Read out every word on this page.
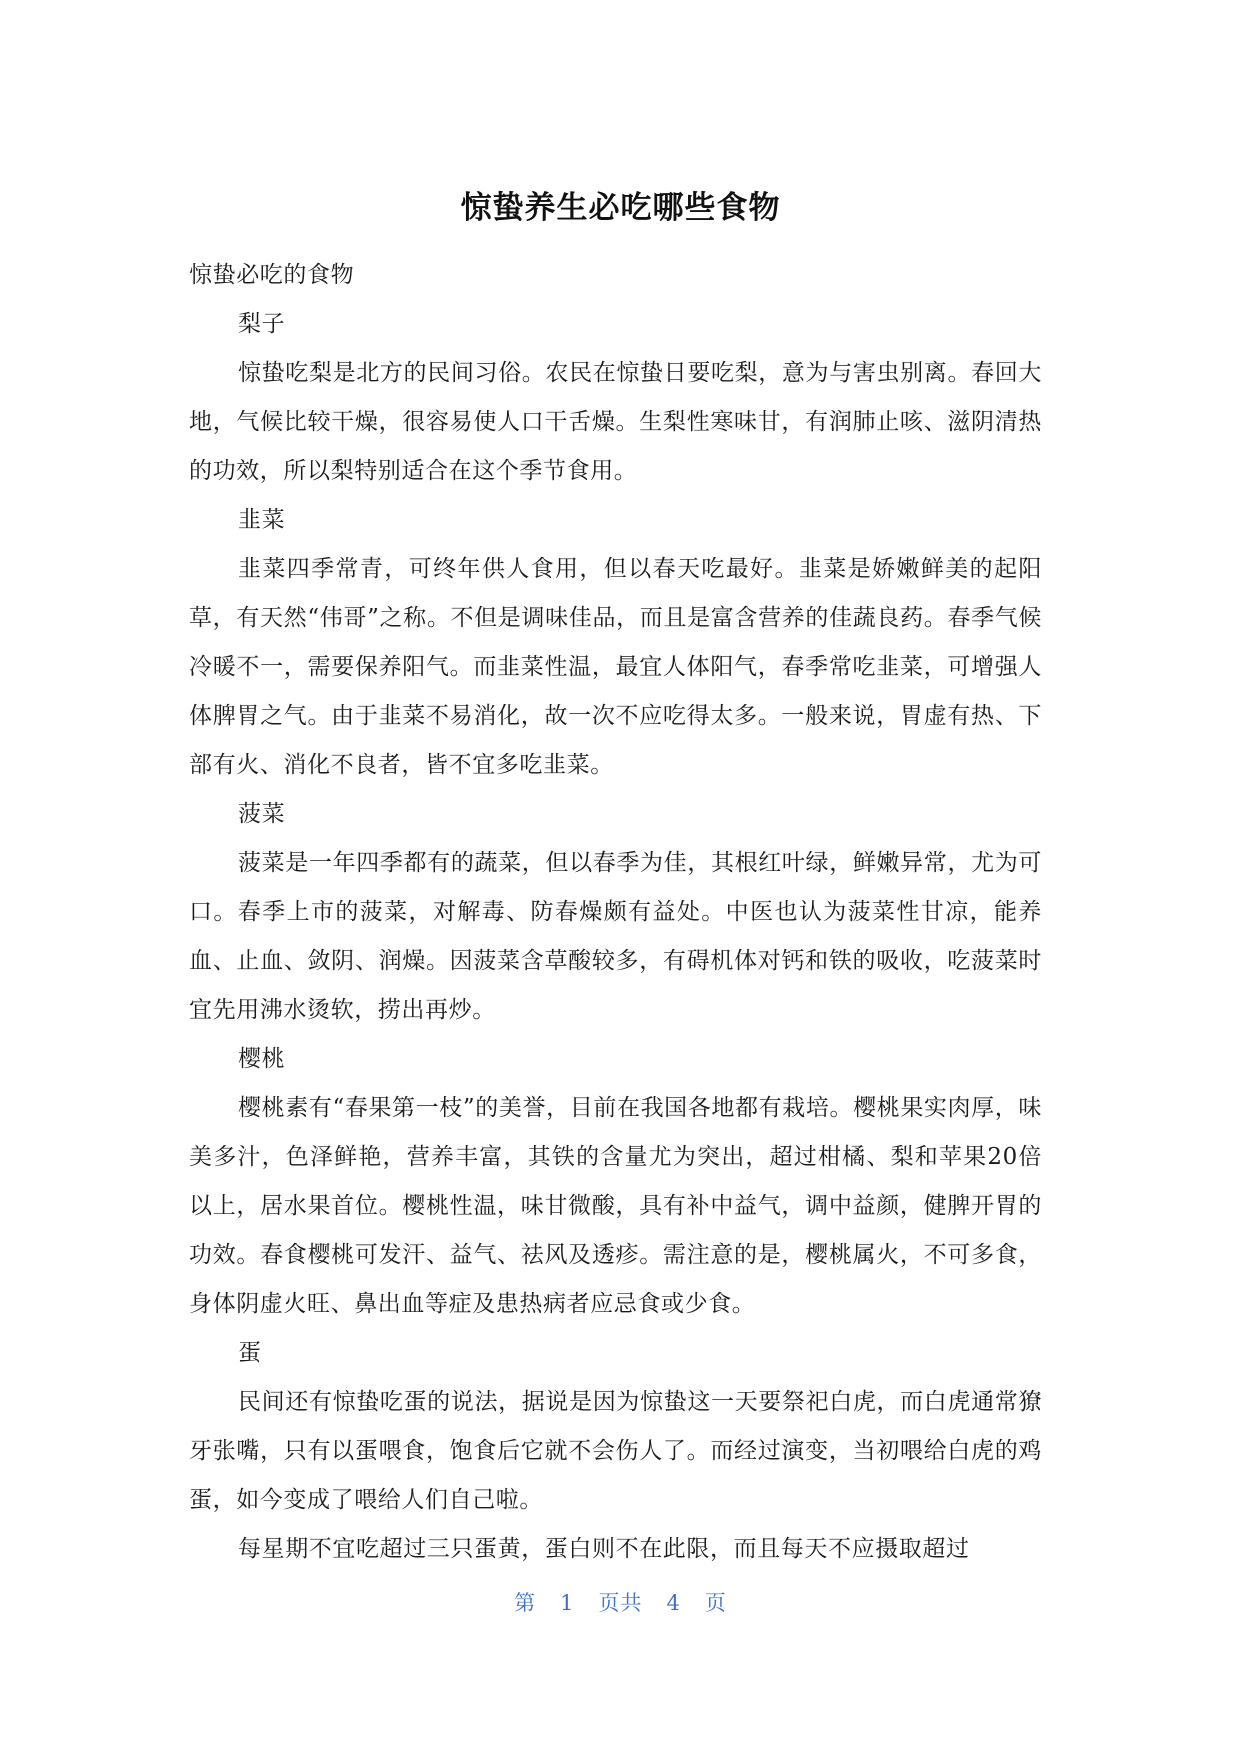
惊蛰养生必吃哪些食物

惊蛰必吃的食物

梨子

惊蛰吃梨是北方的民间习俗。农民在惊蛰日要吃梨，意为与害虫别离。春回大地，气候比较干燥，很容易使人口干舌燥。生梨性寒味甘，有润肺止咳、滋阴清热的功效，所以梨特别适合在这个季节食用。

韭菜

韭菜四季常青，可终年供人食用，但以春天吃最好。韭菜是娇嫩鲜美的起阳草，有天然“伟哥”之称。不但是调味佳品，而且是富含营养的佳蔬良药。春季气候冷暖不一，需要保养阳气。而韭菜性温，最宜人体阳气，春季常吃韭菜，可增强人体脾胃之气。由于韭菜不易消化，故一次不应吃得太多。一般来说，胃虚有热、下部有火、消化不良者，皆不宜多吃韭菜。

菠菜

菠菜是一年四季都有的蔬菜，但以春季为佳，其根红叶绿，鲜嫩异常，尤为可口。春季上市的菠菜，对解毒、防春燥颇有益处。中医也认为菠菜性甘凉，能养血、止血、敛阴、润燥。因菠菜含草酸较多，有碍机体对钙和铁的吸收，吃菠菜时宜先用沸水烫软，捞出再炒。

樱桃

樱桃素有“春果第一枝”的美誉，目前在我国各地都有栽培。樱桃果实肉厚，味美多汁，色泽鲜艳，营养丰富，其铁的含量尤为突出，超过柑橘、梨和苹果20倍以上，居水果首位。樱桃性温，味甘微酸，具有补中益气，调中益颜，健脾开胃的功效。春食樱桃可发汗、益气、祛风及透疹。需注意的是，樱桃属火，不可多食，身体阴虚火旺、鼻出血等症及患热病者应忌食或少食。

蛋

民间还有惊蛰吃蛋的说法，据说是因为惊蛰这一天要祭祀白虎，而白虎通常獠牙张嘴，只有以蛋喂食，饱食后它就不会伤人了。而经过演变，当初喂给白虎的鸡蛋，如今变成了喂给人们自己啦。

每星期不宜吃超过三只蛋黄，蛋白则不在此限，而且每天不应摄取超过

第 1 页共 4 页
